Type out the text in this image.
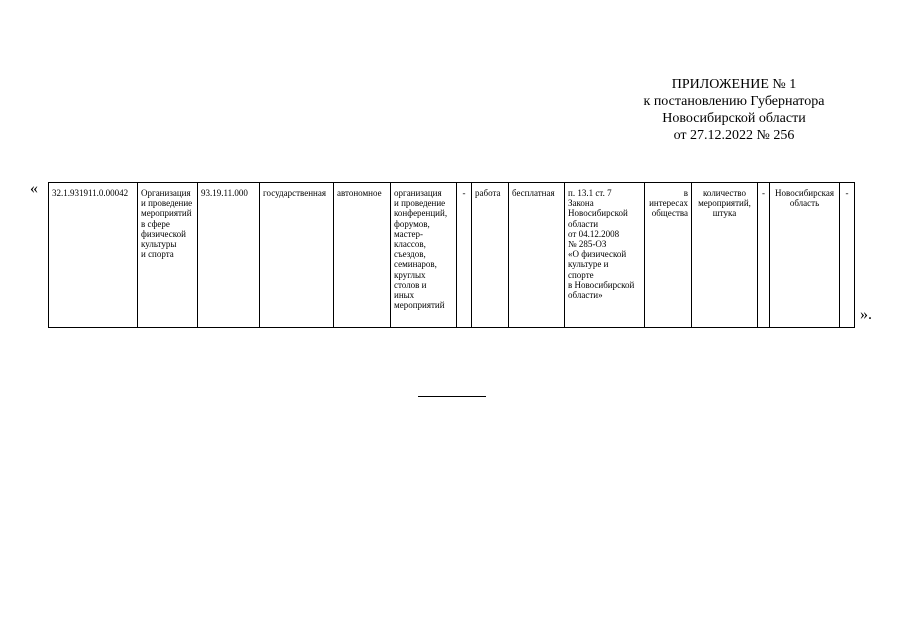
ПРИЛОЖЕНИЕ № 1
к постановлению Губернатора
Новосибирской области
от 27.12.2022 № 256
« 32.1.931911.0.00042	Организация
и проведение
мероприятий
в сфере
физической
культуры
и спорта	93.19.11.000	государственная	автономное	организация
и проведение
конференций,
форумов,
мастер-
классов,
съездов,
семинаров,
круглых
столов и
иных
мероприятий	-	работа	бесплатная	п. 13.1 ст. 7
Закона
Новосибирской
области
от 04.12.2008
№ 285-ОЗ
«О физической
культуре и
спорте
в Новосибирской
области»	в
интересах
общества	количество
мероприятий,
штука	-	Новосибирская
область	-
».
